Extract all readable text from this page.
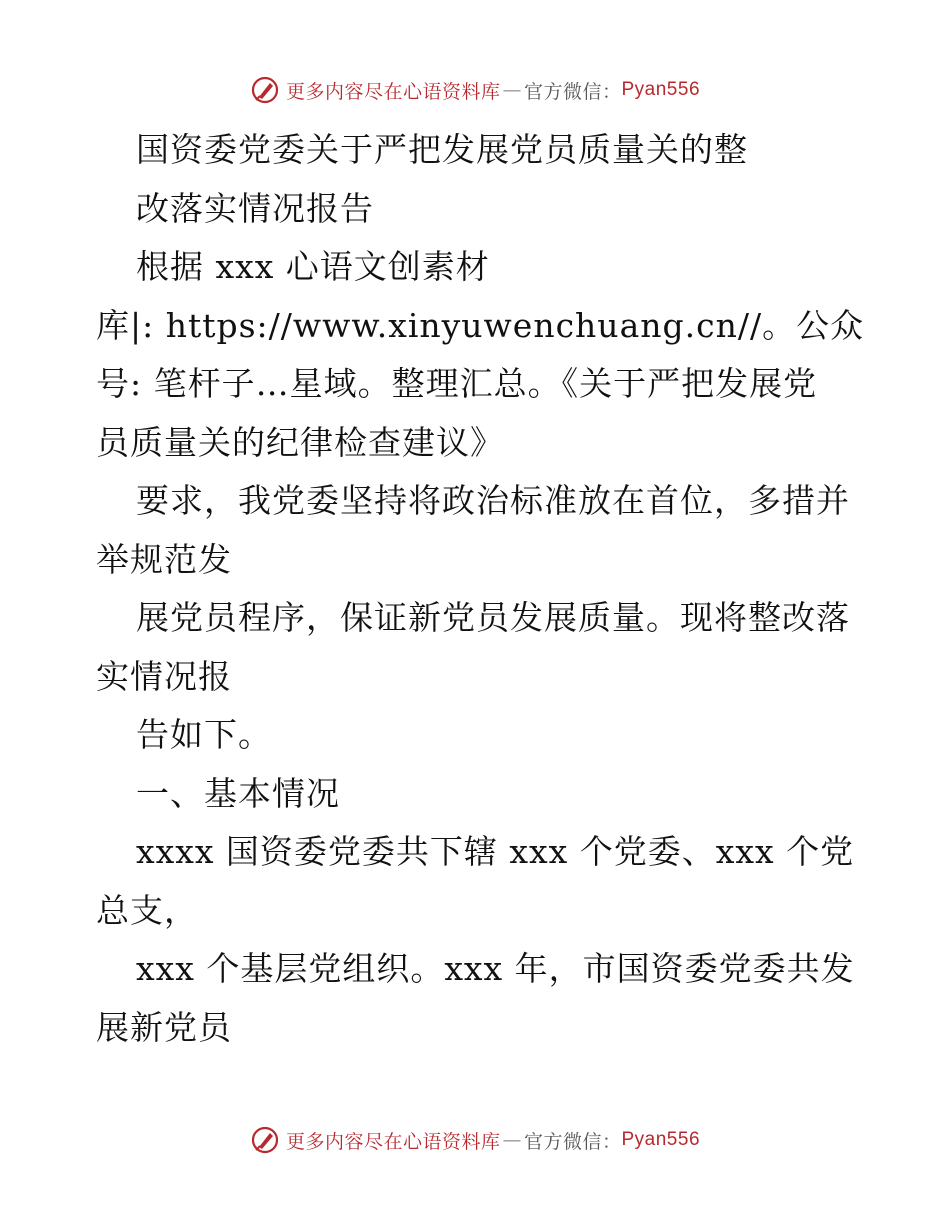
更多内容尽在心语资料库 — 官方微信： Pyan556
国资委党委关于严把发展党员质量关的整
改落实情况报告
根据 xxx 心语文创素材
库|: https://www.xinyuwenchuang.cn//。公众
号: 笔杆子…星域。整理汇总。《关于严把发展党
员质量关的纪律检查建议》
要求，我党委坚持将政治标准放在首位，多措并
举规范发
展党员程序，保证新党员发展质量。现将整改落
实情况报
告如下。
一、基本情况
xxxx 国资委党委共下辖 xxx 个党委、xxx 个党
总支，
xxx 个基层党组织。xxx 年，市国资委党委共发
展新党员
更多内容尽在心语资料库 — 官方微信： Pyan556
